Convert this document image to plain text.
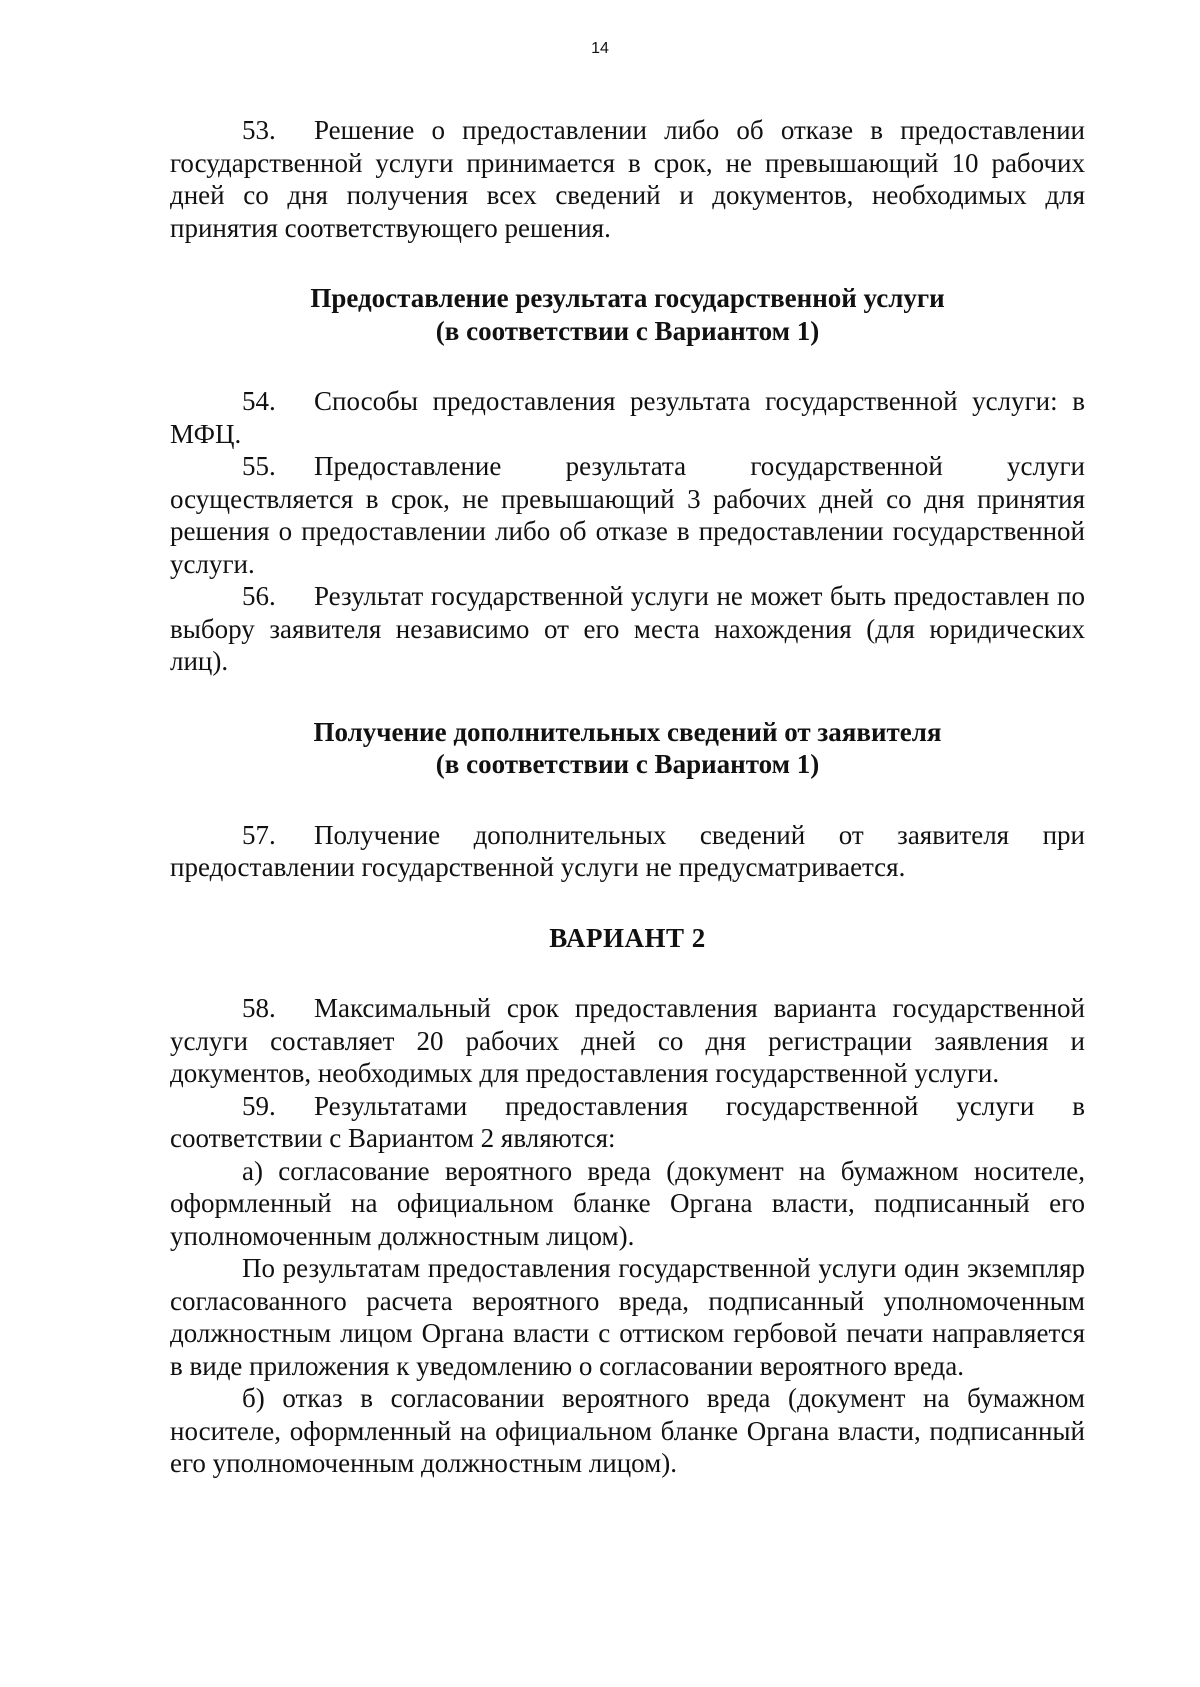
14

53. Решение о предоставлении либо об отказе в предоставлении государственной услуги принимается в срок, не превышающий 10 рабочих дней со дня получения всех сведений и документов, необходимых для принятия соответствующего решения.

Предоставление результата государственной услуги
(в соответствии с Вариантом 1)

54. Способы предоставления результата государственной услуги: в МФЦ.

55. Предоставление результата государственной услуги осуществляется в срок, не превышающий 3 рабочих дней со дня принятия решения о предоставлении либо об отказе в предоставлении государственной услуги.

56. Результат государственной услуги не может быть предоставлен по выбору заявителя независимо от его места нахождения (для юридических лиц).

Получение дополнительных сведений от заявителя
(в соответствии с Вариантом 1)

57. Получение дополнительных сведений от заявителя при предоставлении государственной услуги не предусматривается.

ВАРИАНТ 2

58. Максимальный срок предоставления варианта государственной услуги составляет 20 рабочих дней со дня регистрации заявления и документов, необходимых для предоставления государственной услуги.

59. Результатами предоставления государственной услуги в соответствии с Вариантом 2 являются:

а) согласование вероятного вреда (документ на бумажном носителе, оформленный на официальном бланке Органа власти, подписанный его уполномоченным должностным лицом).

По результатам предоставления государственной услуги один экземпляр согласованного расчета вероятного вреда, подписанный уполномоченным должностным лицом Органа власти с оттиском гербовой печати направляется в виде приложения к уведомлению о согласовании вероятного вреда.

б) отказ в согласовании вероятного вреда (документ на бумажном носителе, оформленный на официальном бланке Органа власти, подписанный его уполномоченным должностным лицом).
